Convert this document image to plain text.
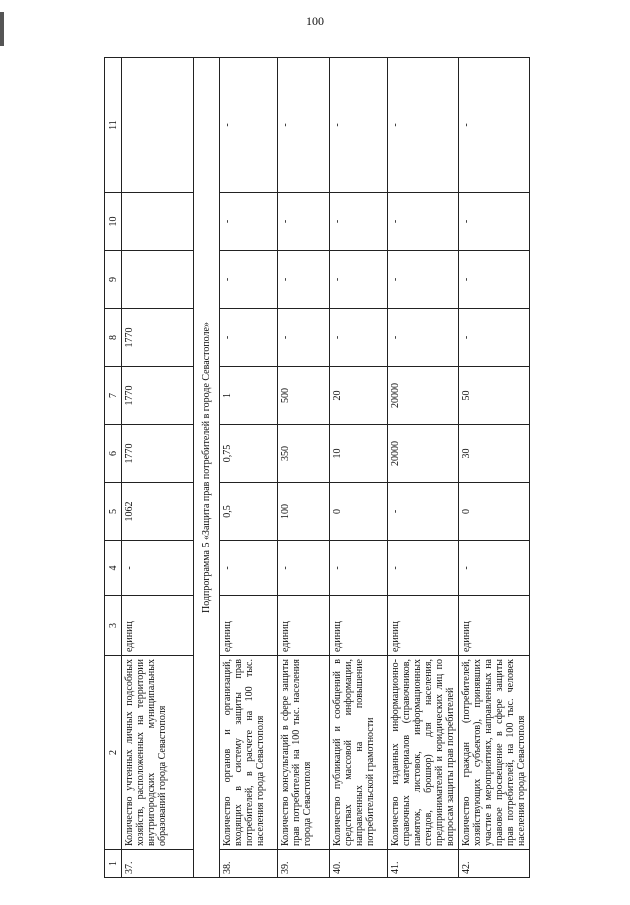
100
1	2	3	4	5	6	7	8	9	10	11
37.	Количество учтенных личных подсобных хозяйств, расположенных на территории внутригородских муниципальных образований города Севастополя	единиц	-	1062	1770	1770	1770			
Подпрограмма 5 «Защита прав потребителей в городе Севастополе»										
38.	Количество органов и организаций, входящих в систему защиты прав потребителей, в расчете на 100 тыс. населения города Севастополя	единиц	-	0,5	0,75	1	-	-	-	-
39.	Количество консультаций в сфере защиты прав потребителей на 100 тыс. населения города Севастополя	единиц	-	100	350	500	-	-	-	-
40.	Количество публикаций и сообщений в средствах массовой информации, направленных на повышение потребительской грамотности	единиц	-	0	10	20	-	-	-	-
41.	Количество изданных информационно-справочных материалов (справочников, памяток, листовок, информационных стендов, брошюр) для населения, предпринимателей и юридических лиц по вопросам защиты прав потребителей	единиц	-	-	20000	20000	-	-	-	-
42.	Количество граждан (потребителей, хозяйствующих субъектов), принявших участие в мероприятиях, направленных на правовое просвещение в сфере защиты прав потребителей, на 100 тыс. человек населения города Севастополя	единиц	-	0	30	50	-	-	-	-
